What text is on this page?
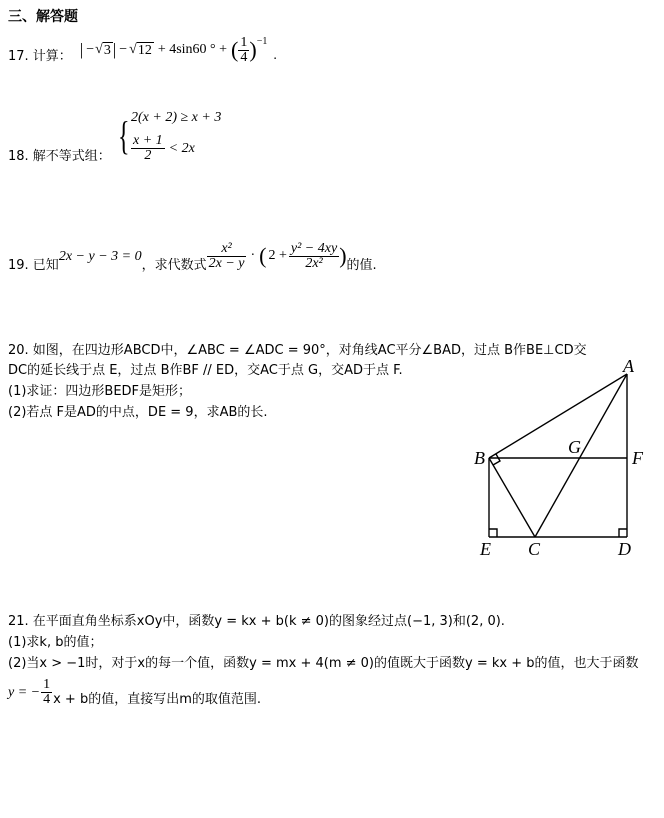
三、解答题
17. 计算： | − √ 3 | − √ 12 + 4sin60 ° + ( $\frac{1}{4}$ ) −1
.
18. 解不等式组： { 2(x + 2) ≥ x + 3
$\frac{x + 1}{2} < 2x$
19. 已知
2x − y − 3 = 0
，求代数式 $\frac{\text{x²}}{2x - y}$ · ( $2 + \frac{\text{y² − 4xy}}{\text{2x²}}$ ) 的值.
20. 如图，在四边形ABCD中，∠ABC = ∠ADC = 90°，对角线AC平分∠BAD，过点 B作BE⊥CD交
DC的延长线于点 E，过点 B作BF // ED，交AC于点 G，交AD于点 F.
(1)求证：四边形BEDF是矩形；
(2)若点 F是AD的中点，DE = 9，求AB的长.
A
B
G
F
E C	D
21. 在平面直角坐标系xOy中，函数y = kx + b(k ≠ 0)的图象经过点(−1, 3)和(2, 0).
(1)求k, b的值；
(2)当x > −1时，对于x的每一个值，函数y = mx + 4(m ≠ 0)的值既大于函数y = kx + b的值，也大于函数
y = − $\frac{1}{4}$ x + b的值，直接写出m的取值范围.
